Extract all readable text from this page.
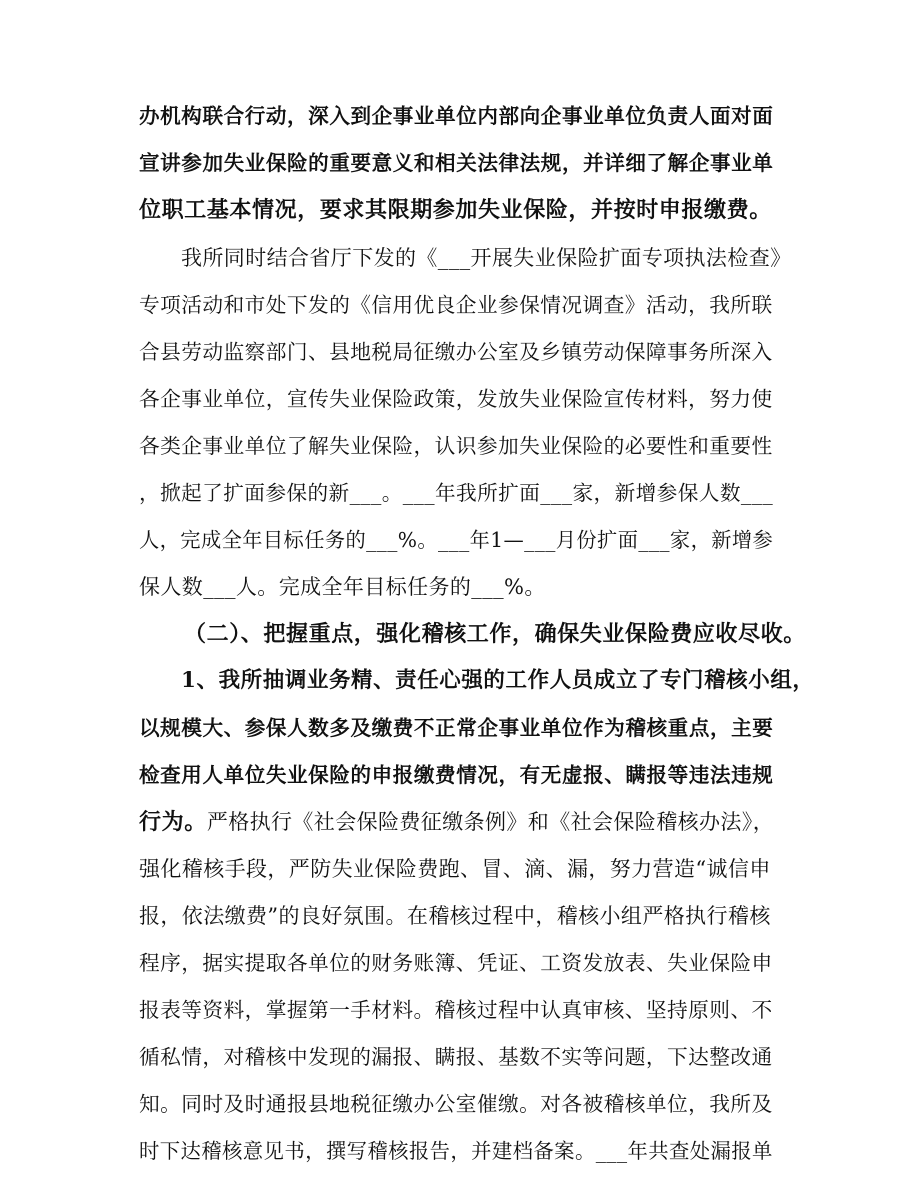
办机构联合行动，深入到企事业单位内部向企事业单位负责人面对面
宣讲参加失业保险的重要意义和相关法律法规，并详细了解企事业单
位职工基本情况，要求其限期参加失业保险，并按时申报缴费。
我所同时结合省厅下发的《___开展失业保险扩面专项执法检查》
专项活动和市处下发的《信用优良企业参保情况调查》活动，我所联
合县劳动监察部门、县地税局征缴办公室及乡镇劳动保障事务所深入
各企事业单位，宣传失业保险政策，发放失业保险宣传材料，努力使
各类企事业单位了解失业保险，认识参加失业保险的必要性和重要性
，掀起了扩面参保的新___。___年我所扩面___家，新增参保人数___
人，完成全年目标任务的___%。___年1—___月份扩面___家，新增参
保人数___人。完成全年目标任务的___%。
（二）、把握重点，强化稽核工作，确保失业保险费应收尽收。
1、我所抽调业务精、责任心强的工作人员成立了专门稽核小组，
以规模大、参保人数多及缴费不正常企事业单位作为稽核重点，主要
检查用人单位失业保险的申报缴费情况，有无虚报、瞒报等违法违规
行为。严格执行《社会保险费征缴条例》和《社会保险稽核办法》，
强化稽核手段，严防失业保险费跑、冒、滴、漏，努力营造“诚信申
报，依法缴费”的良好氛围。在稽核过程中，稽核小组严格执行稽核
程序，据实提取各单位的财务账簿、凭证、工资发放表、失业保险申
报表等资料，掌握第一手材料。稽核过程中认真审核、坚持原则、不
循私情，对稽核中发现的漏报、瞒报、基数不实等问题，下达整改通
知。同时及时通报县地税征缴办公室催缴。对各被稽核单位，我所及
时下达稽核意见书，撰写稽核报告，并建档备案。___年共查处漏报单
